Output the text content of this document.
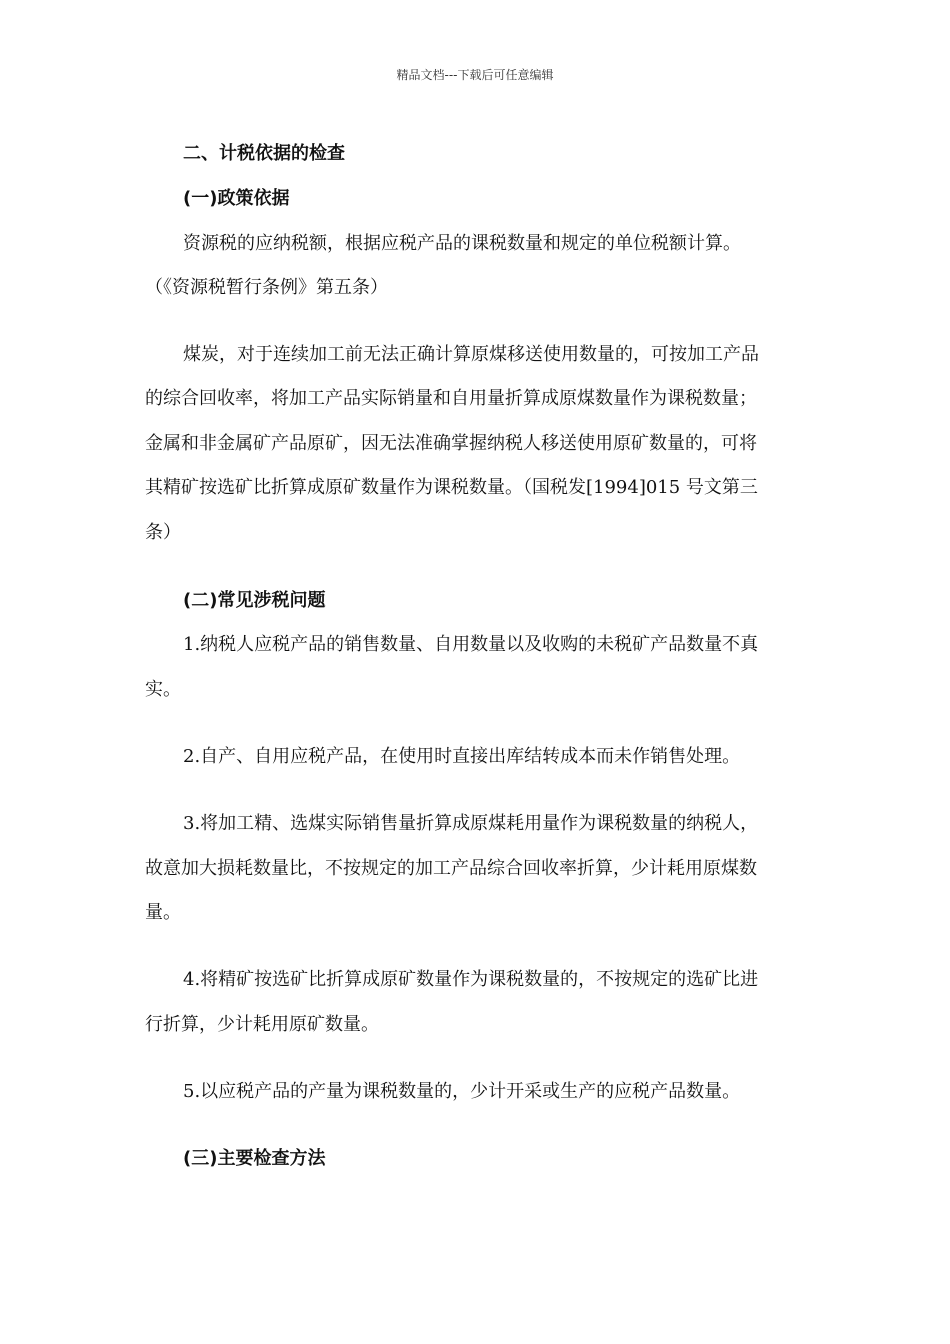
精品文档---下载后可任意编辑
二、计税依据的检查
(一)政策依据
资源税的应纳税额，根据应税产品的课税数量和规定的单位税额计算。
（《资源税暂行条例》第五条）
煤炭，对于连续加工前无法正确计算原煤移送使用数量的，可按加工产品
的综合回收率，将加工产品实际销量和自用量折算成原煤数量作为课税数量；
金属和非金属矿产品原矿，因无法准确掌握纳税人移送使用原矿数量的，可将
其精矿按选矿比折算成原矿数量作为课税数量。（国税发[1994]015 号文第三
条）
(二)常见涉税问题
1.纳税人应税产品的销售数量、自用数量以及收购的未税矿产品数量不真
实。
2.自产、自用应税产品，在使用时直接出库结转成本而未作销售处理。
3.将加工精、选煤实际销售量折算成原煤耗用量作为课税数量的纳税人，
故意加大损耗数量比，不按规定的加工产品综合回收率折算，少计耗用原煤数
量。
4.将精矿按选矿比折算成原矿数量作为课税数量的，不按规定的选矿比进
行折算，少计耗用原矿数量。
5.以应税产品的产量为课税数量的，少计开采或生产的应税产品数量。
(三)主要检查方法
